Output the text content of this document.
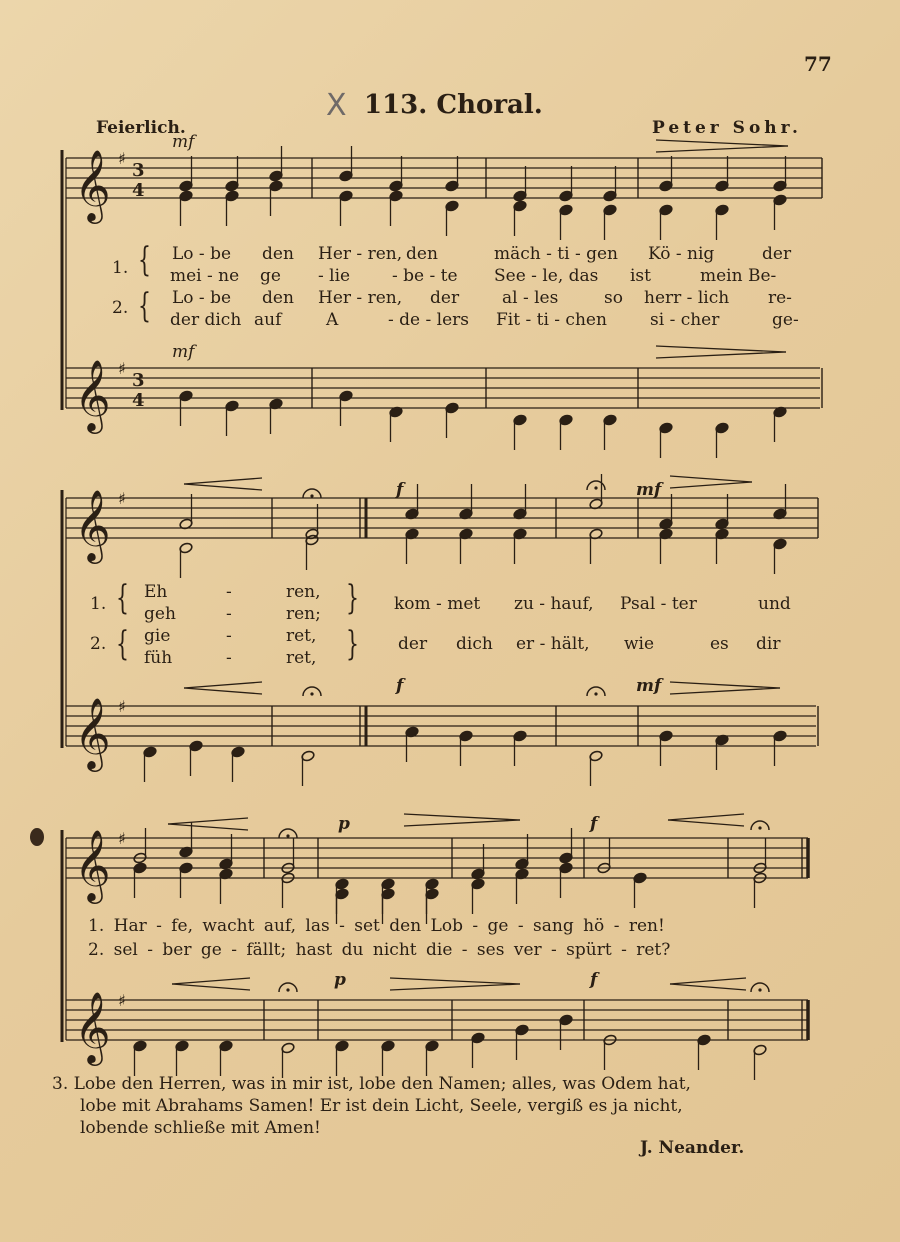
77
X 113. Choral.
Feierlich.	Peter Sohr.
𝄞
𝄞
♯
3
4
♯
3
4
𝄞
𝄞
♯
♯
𝄞
𝄞
♯
♯
mf
mf
f	mf
f	mf
p	f
p	f
1.
2.
{
{
1.
2.
{
{
}
}
1. Har - fe, wacht auf, las - set den Lob - ge - sang hö - ren!
2. sel - ber ge - fällt; hast du nicht die - ses ver - spürt - ret?
3. Lobe den Herren, was in mir ist, lobe den Namen; alles, was Odem hat,
lobe mit Abrahams Samen! Er ist dein Licht, Seele, vergiß es ja nicht,
lobende schließe mit Amen!
J. Neander.
Lo - be den Her - ren, den	mäch - ti - gen Kö - nig	der
mei - ne ge - lie - be - te See - le, das ist	mein Be-
Lo - be den Her - ren, der	al - les	so herr - lich re-
der dich auf	A	- de - lers Fit - ti - chen	si - cher	ge-
Eh	-	ren,
geh	-	ren;
gie	-	ret,
füh	-	ret,
kom - met zu - hauf, Psal - ter	und
der dich er - hält, wie	es dir
